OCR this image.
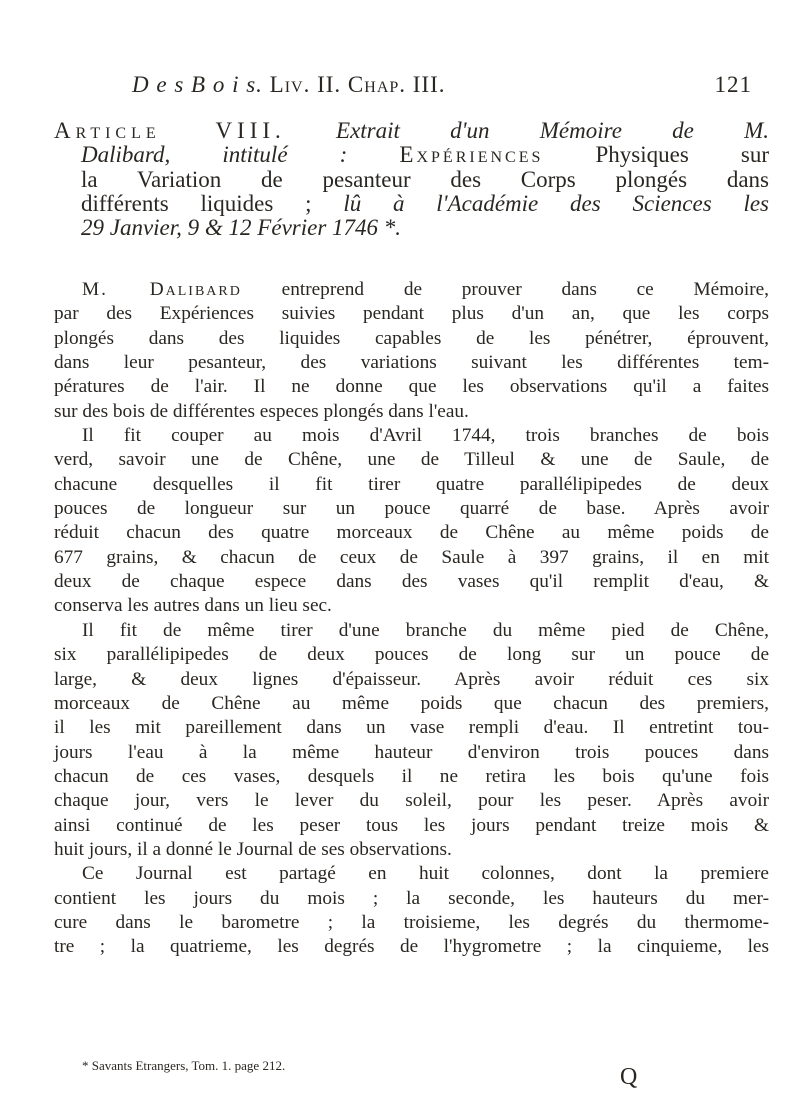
D e s B o i s. Liv. II. Chap. III.	121
Article VIII. Extrait d'un Mémoire de M.
Dalibard, intitulé : Expériences Physiques sur
la Variation de pesanteur des Corps plongés dans
différents liquides ; lû à l'Académie des Sciences les
29 Janvier, 9 & 12 Février 1746 *.
M. Dalibard entreprend de prouver dans ce Mémoire,
par des Expériences suivies pendant plus d'un an, que les corps
plongés dans des liquides capables de les pénétrer, éprouvent,
dans leur pesanteur, des variations suivant les différentes tem-
pératures de l'air. Il ne donne que les observations qu'il a faites
sur des bois de différentes especes plongés dans l'eau.
Il fit couper au mois d'Avril 1744, trois branches de bois
verd, savoir une de Chêne, une de Tilleul & une de Saule, de
chacune desquelles il fit tirer quatre parallélipipedes de deux
pouces de longueur sur un pouce quarré de base. Après avoir
réduit chacun des quatre morceaux de Chêne au même poids de
677 grains, & chacun de ceux de Saule à 397 grains, il en mit
deux de chaque espece dans des vases qu'il remplit d'eau, &
conserva les autres dans un lieu sec.
Il fit de même tirer d'une branche du même pied de Chêne,
six parallélipipedes de deux pouces de long sur un pouce de
large, & deux lignes d'épaisseur. Après avoir réduit ces six
morceaux de Chêne au même poids que chacun des premiers,
il les mit pareillement dans un vase rempli d'eau. Il entretint tou-
jours l'eau à la même hauteur d'environ trois pouces dans
chacun de ces vases, desquels il ne retira les bois qu'une fois
chaque jour, vers le lever du soleil, pour les peser. Après avoir
ainsi continué de les peser tous les jours pendant treize mois &
huit jours, il a donné le Journal de ses observations.
Ce Journal est partagé en huit colonnes, dont la premiere
contient les jours du mois ; la seconde, les hauteurs du mer-
cure dans le barometre ; la troisieme, les degrés du thermome-
tre ; la quatrieme, les degrés de l'hygrometre ; la cinquieme, les
* Savants Etrangers, Tom. 1. page 212.	Q
